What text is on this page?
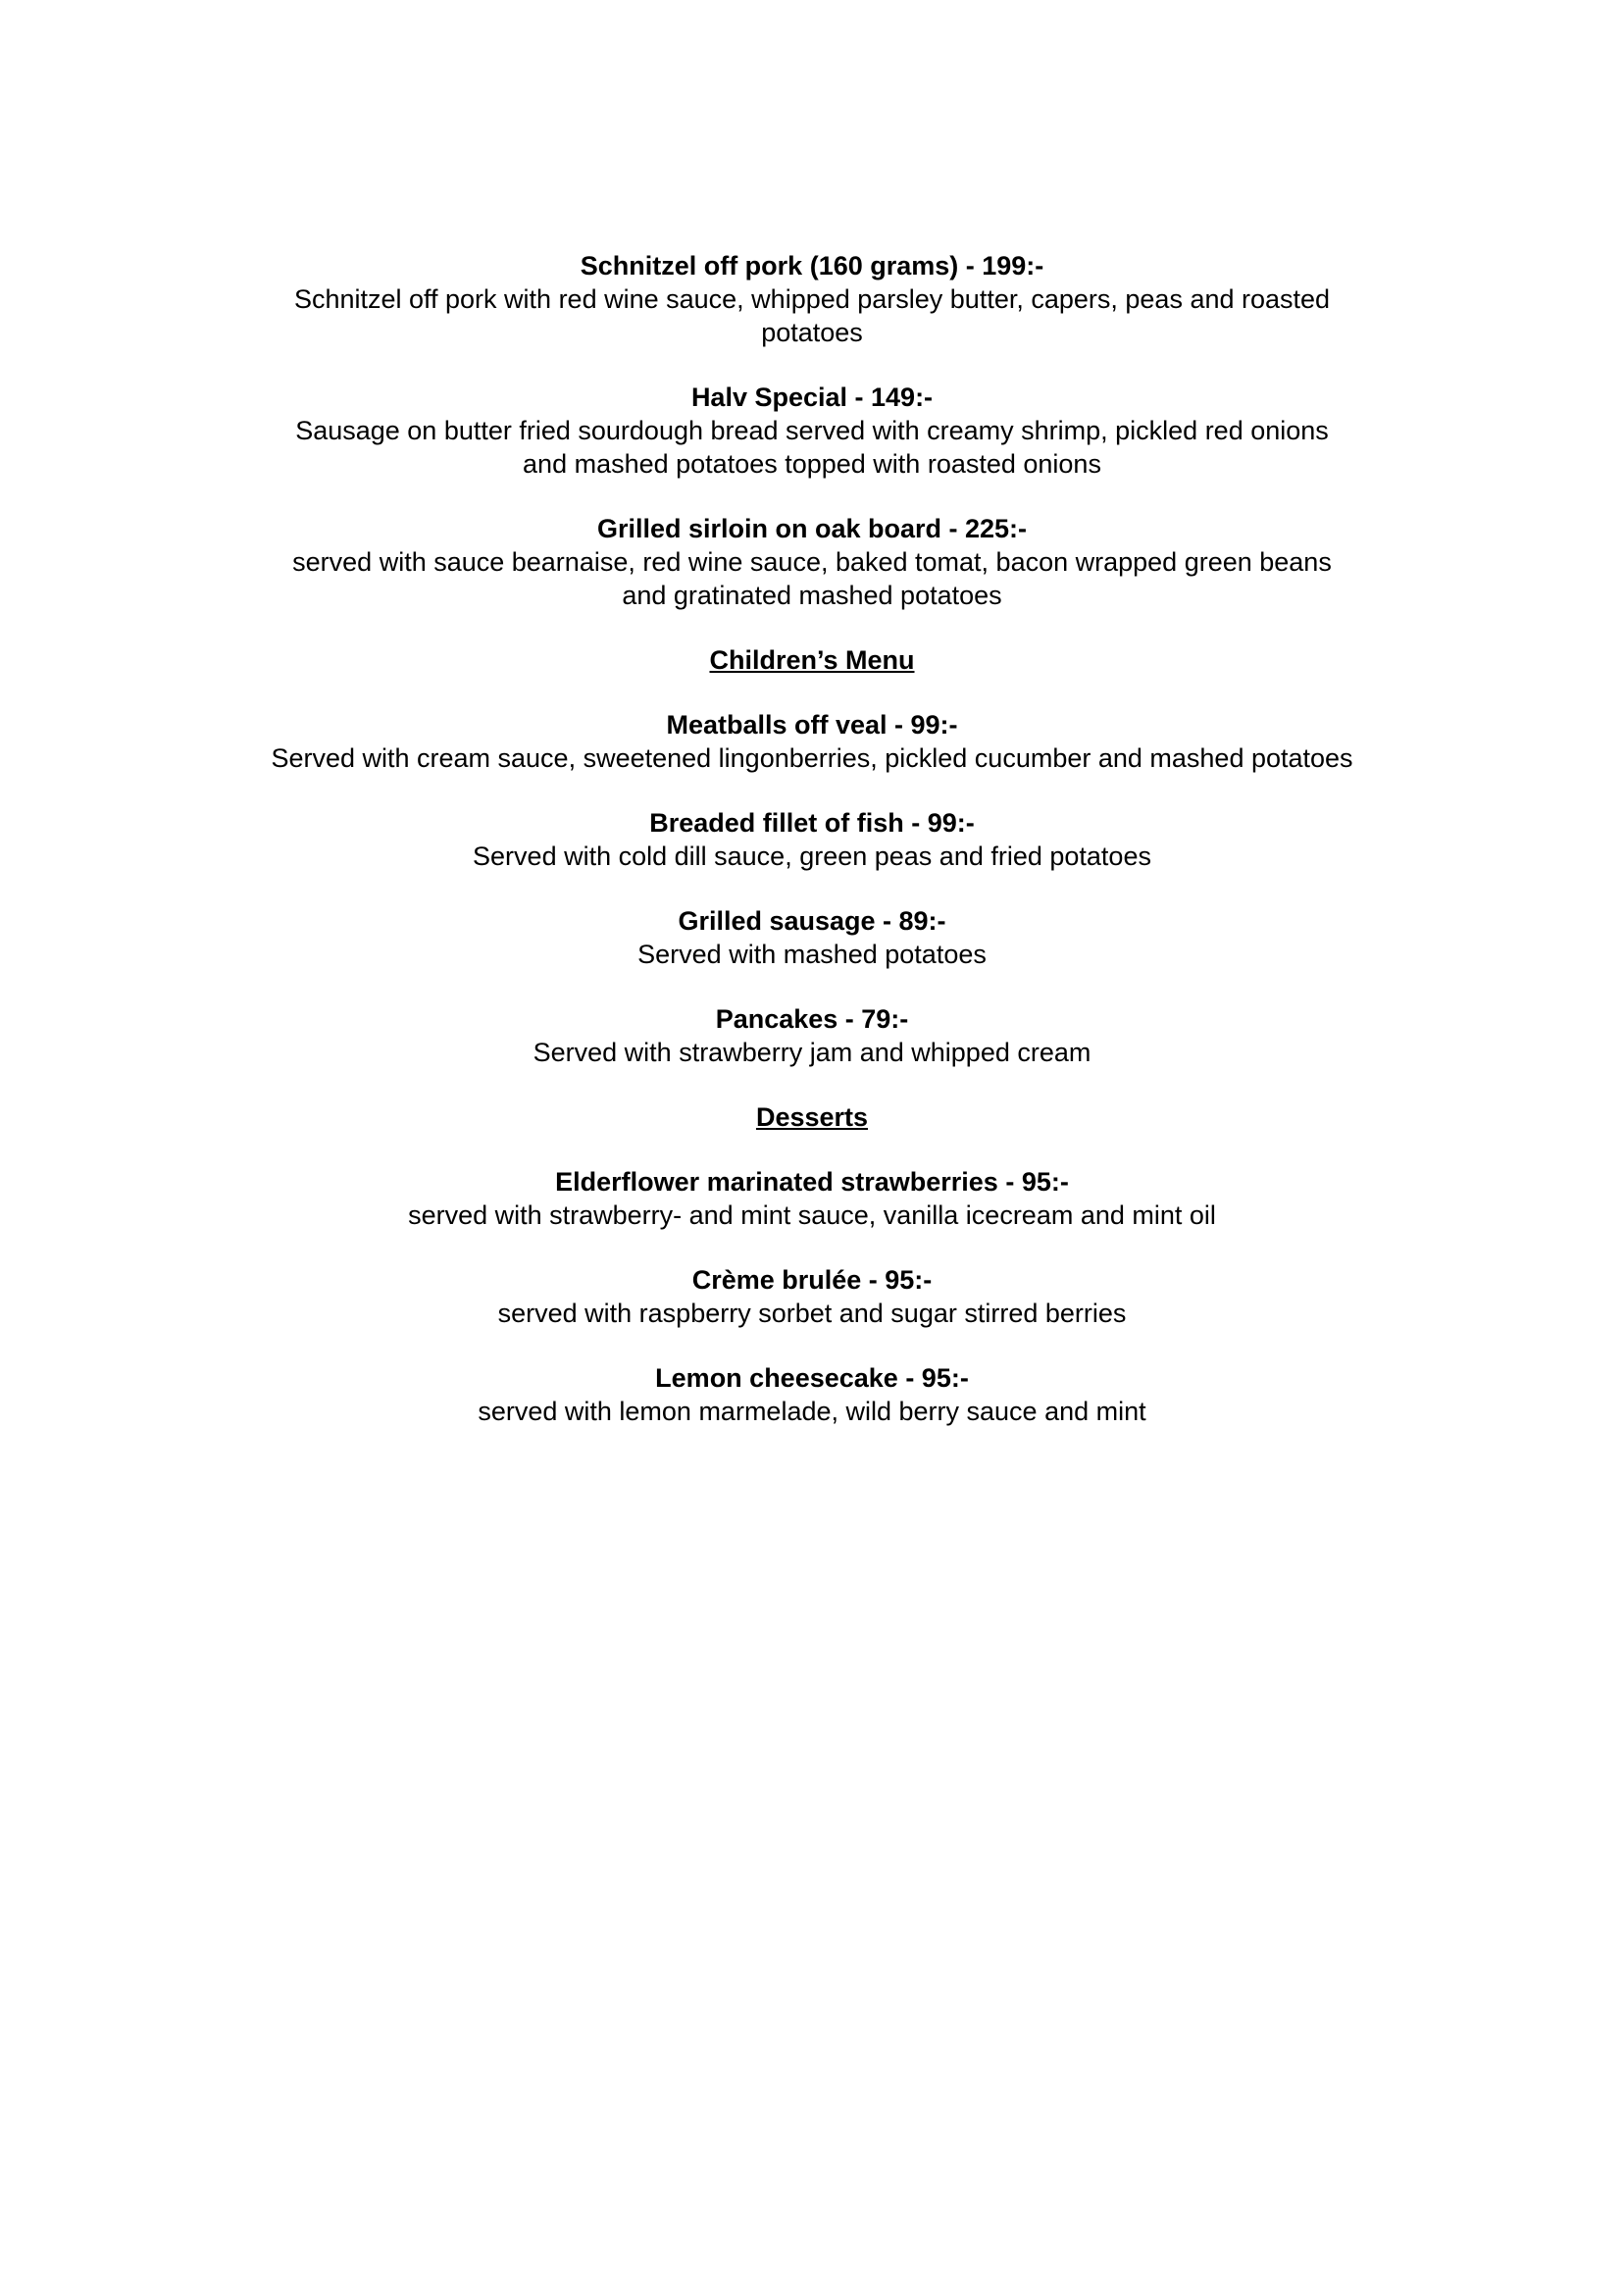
Schnitzel off pork (160 grams) - 199:-
Schnitzel off pork with red wine sauce, whipped parsley butter, capers, peas and roasted potatoes
Halv Special - 149:-
Sausage on butter fried sourdough bread served with creamy shrimp, pickled red onions and mashed potatoes topped with roasted onions
Grilled sirloin on oak board - 225:-
served with sauce bearnaise, red wine sauce, baked tomat, bacon wrapped green beans and gratinated mashed potatoes
Children’s Menu
Meatballs off veal - 99:-
Served with cream sauce, sweetened lingonberries, pickled cucumber and mashed potatoes
Breaded fillet of fish - 99:-
Served with cold dill sauce, green peas and fried potatoes
Grilled sausage - 89:-
Served with mashed potatoes
Pancakes - 79:-
Served with strawberry jam and whipped cream
Desserts
Elderflower marinated strawberries - 95:-
served with strawberry- and mint sauce, vanilla icecream and mint oil
Crème brulée - 95:-
served with raspberry sorbet and sugar stirred berries
Lemon cheesecake - 95:-
served with lemon marmelade, wild berry sauce and mint
